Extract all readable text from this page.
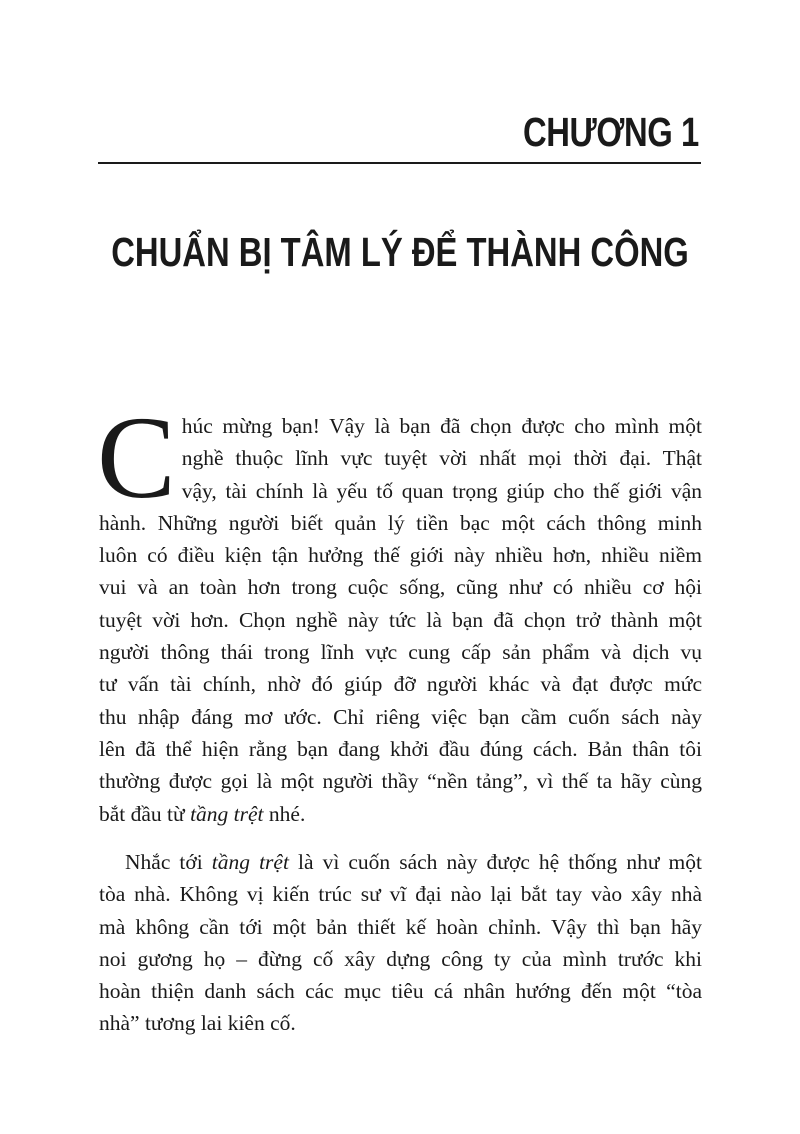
CHƯƠNG 1
CHUẨN BỊ TÂM LÝ ĐỂ THÀNH CÔNG
C húc mừng bạn! Vậy là bạn đã chọn được cho mình một
nghề thuộc lĩnh vực tuyệt vời nhất mọi thời đại. Thật
vậy, tài chính là yếu tố quan trọng giúp cho thế giới vận
hành. Những người biết quản lý tiền bạc một cách thông minh
luôn có điều kiện tận hưởng thế giới này nhiều hơn, nhiều niềm
vui và an toàn hơn trong cuộc sống, cũng như có nhiều cơ hội
tuyệt vời hơn. Chọn nghề này tức là bạn đã chọn trở thành một
người thông thái trong lĩnh vực cung cấp sản phẩm và dịch vụ
tư vấn tài chính, nhờ đó giúp đỡ người khác và đạt được mức
thu nhập đáng mơ ước. Chỉ riêng việc bạn cầm cuốn sách này
lên đã thể hiện rằng bạn đang khởi đầu đúng cách. Bản thân tôi
thường được gọi là một người thầy “nền tảng”, vì thế ta hãy cùng
bắt đầu từ tầng trệt nhé.
Nhắc tới tầng trệt là vì cuốn sách này được hệ thống như một
tòa nhà. Không vị kiến trúc sư vĩ đại nào lại bắt tay vào xây nhà
mà không cần tới một bản thiết kế hoàn chỉnh. Vậy thì bạn hãy
noi gương họ – đừng cố xây dựng công ty của mình trước khi
hoàn thiện danh sách các mục tiêu cá nhân hướng đến một “tòa
nhà” tương lai kiên cố.
